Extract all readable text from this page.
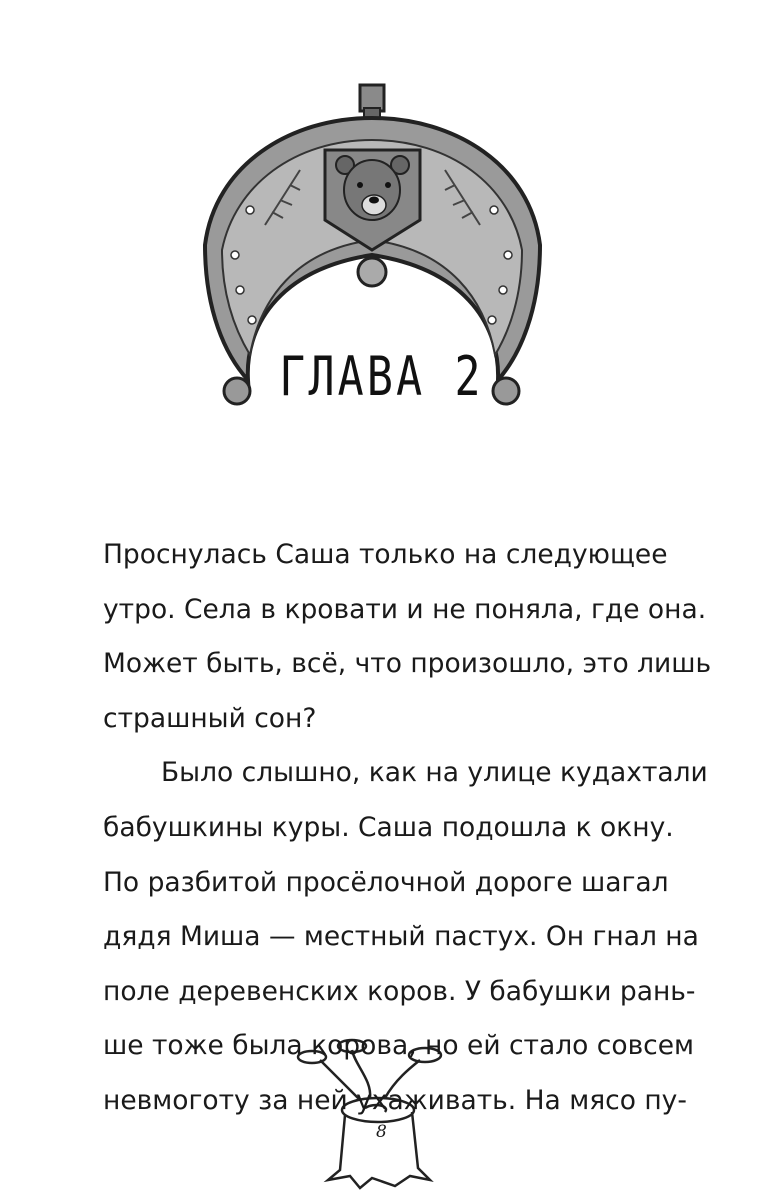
ГЛАВА 2
Проснулась Саша только на следующее
утро. Села в кровати и не поняла, где она.
Может быть, всё, что произошло, это лишь
страшный сон?
Было слышно, как на улице кудахтали
бабушкины куры. Саша подошла к окну.
По разбитой просёлочной дороге шагал
дядя Миша — местный пастух. Он гнал на
поле деревенских коров. У бабушки рань-
ше тоже была корова, но ей стало совсем
8
невмоготу за ней ухаживать. На мясо пу-
